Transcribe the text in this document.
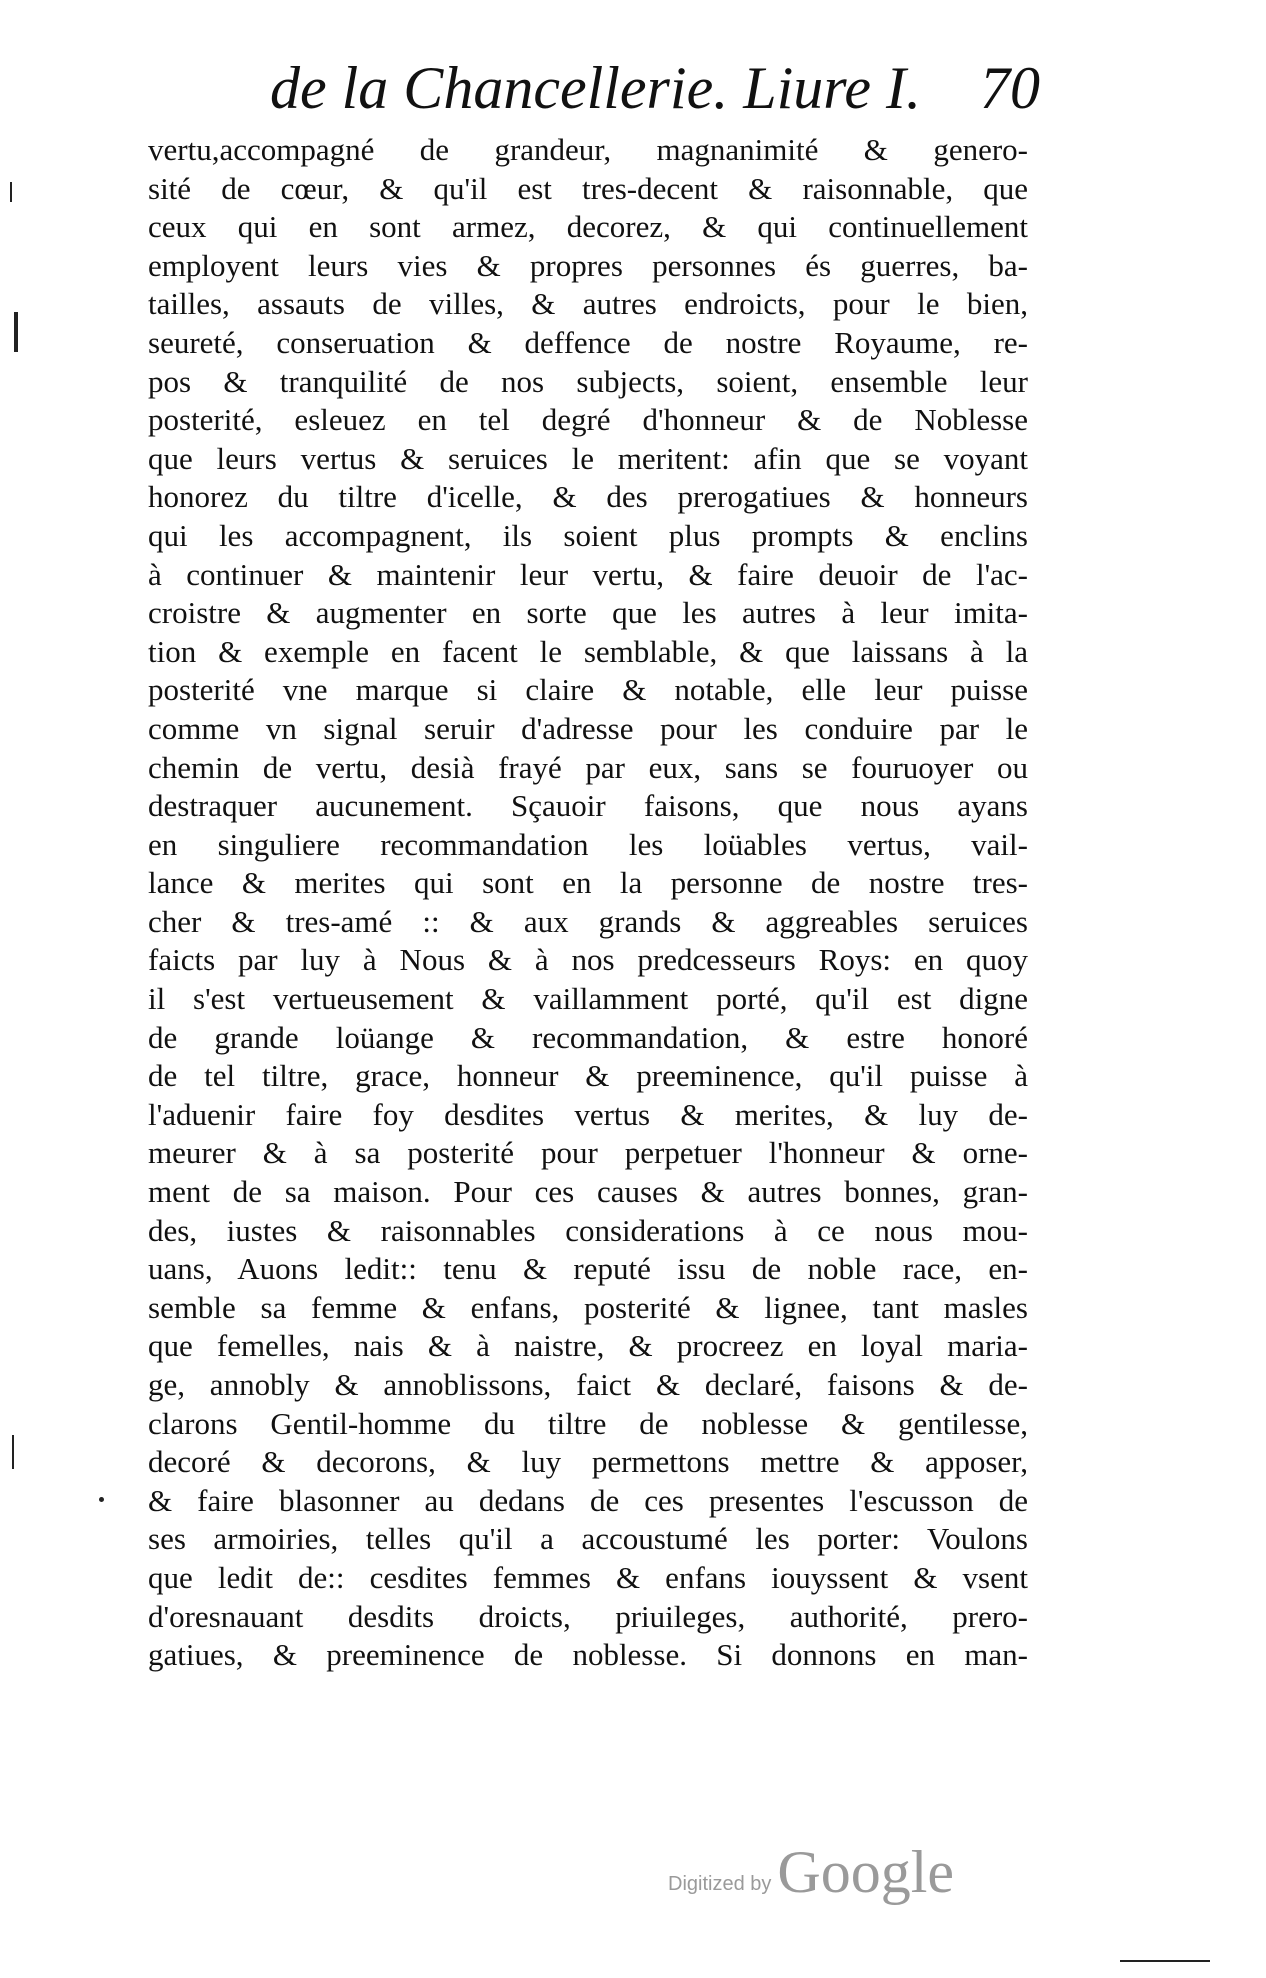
de la Chancellerie. Liure I. 70
vertu,accompagné de grandeur, magnanimité & genero-
sité de cœur, & qu'il est tres-decent & raisonnable, que
ceux qui en sont armez, decorez, & qui continuellement
employent leurs vies & propres personnes és guerres, ba-
tailles, assauts de villes, & autres endroicts, pour le bien,
seureté, conseruation & deffence de nostre Royaume, re-
pos & tranquilité de nos subjects, soient, ensemble leur
posterité, esleuez en tel degré d'honneur & de Noblesse
que leurs vertus & seruices le meritent: afin que se voyant
honorez du tiltre d'icelle, & des prerogatiues & honneurs
qui les accompagnent, ils soient plus prompts & enclins
à continuer & maintenir leur vertu, & faire deuoir de l'ac-
croistre & augmenter en sorte que les autres à leur imita-
tion & exemple en facent le semblable, & que laissans à la
posterité vne marque si claire & notable, elle leur puisse
comme vn signal seruir d'adresse pour les conduire par le
chemin de vertu, desià frayé par eux, sans se fouruoyer ou
destraquer aucunement. Sçauoir faisons, que nous ayans
en singuliere recommandation les loüables vertus, vail-
lance & merites qui sont en la personne de nostre tres-
cher & tres-amé :: & aux grands & aggreables seruices
faicts par luy à Nous & à nos predcesseurs Roys: en quoy
il s'est vertueusement & vaillamment porté, qu'il est digne
de grande loüange & recommandation, & estre honoré
de tel tiltre, grace, honneur & preeminence, qu'il puisse à
l'aduenir faire foy desdites vertus & merites, & luy de-
meurer & à sa posterité pour perpetuer l'honneur & orne-
ment de sa maison. Pour ces causes & autres bonnes, gran-
des, iustes & raisonnables considerations à ce nous mou-
uans, Auons ledit:: tenu & reputé issu de noble race, en-
semble sa femme & enfans, posterité & lignee, tant masles
que femelles, nais & à naistre, & procreez en loyal maria-
ge, annobly & annoblissons, faict & declaré, faisons & de-
clarons Gentil-homme du tiltre de noblesse & gentilesse,
decoré & decorons, & luy permettons mettre & apposer,
& faire blasonner au dedans de ces presentes l'escusson de
ses armoiries, telles qu'il a accoustumé les porter: Voulons
que ledit de:: cesdites femmes & enfans iouyssent & vsent
d'oresnauant desdits droicts, priuileges, authorité, prero-
gatiues, & preeminence de noblesse. Si donnons en man-
Digitized by Google
